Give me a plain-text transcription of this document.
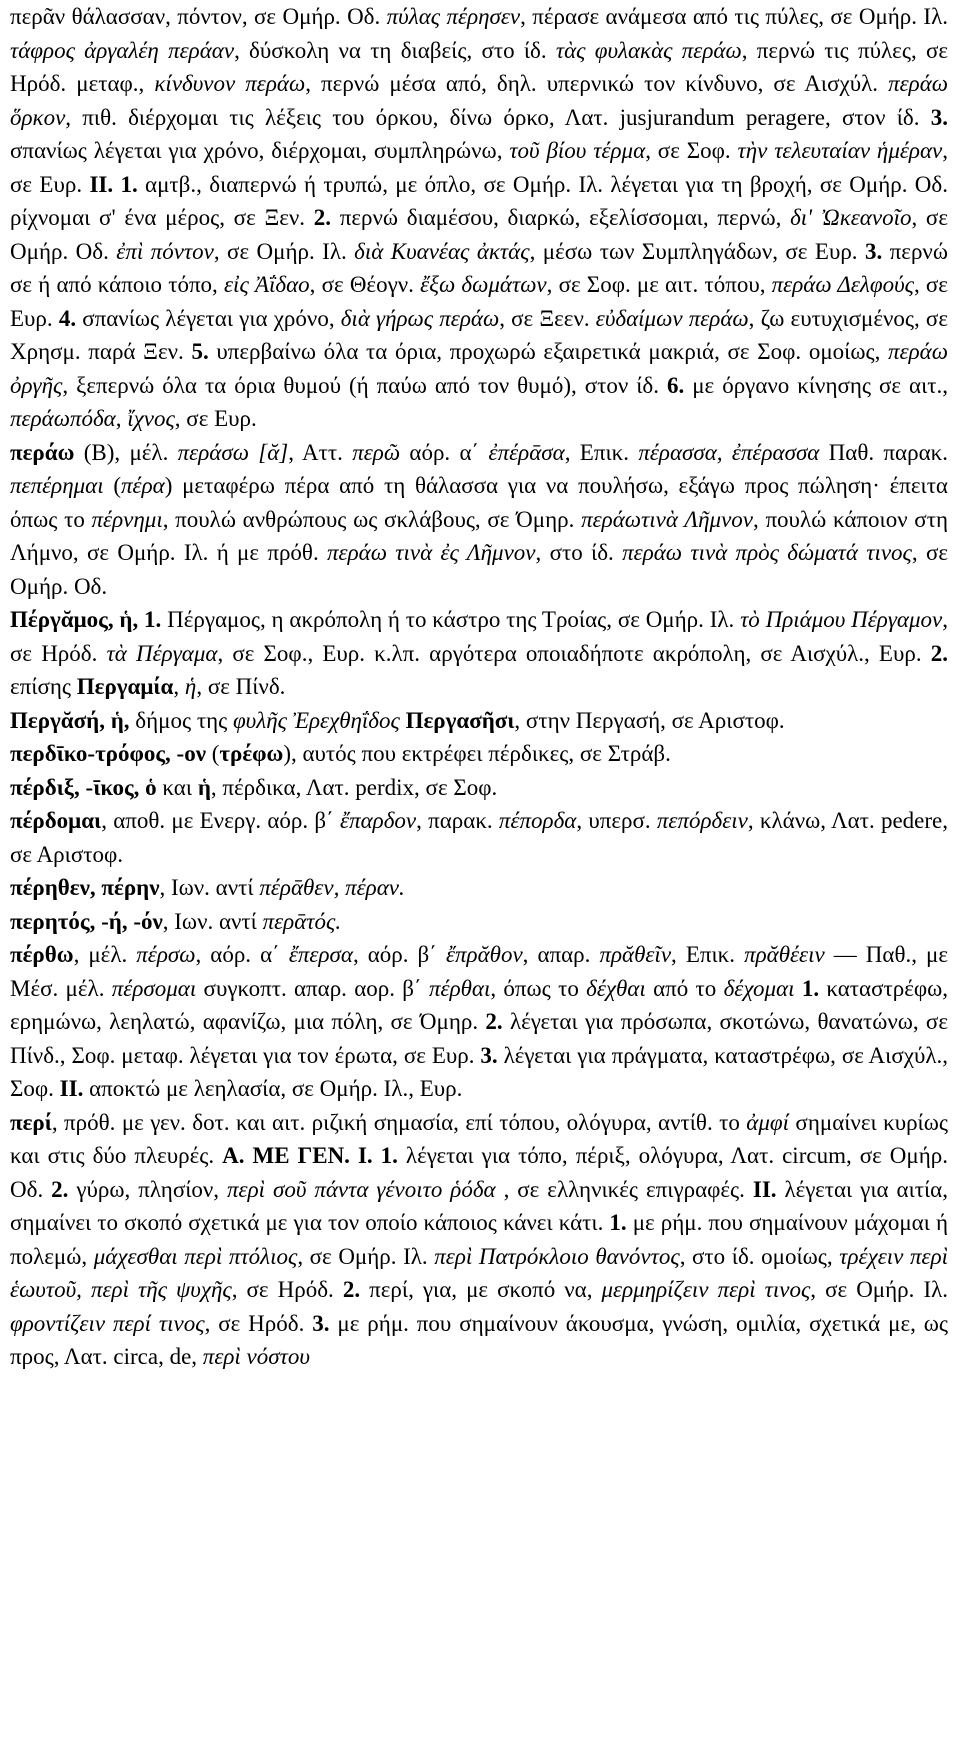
περᾶν θάλασσαν, πόντον, σε Ομήρ. Οδ. πύλας πέρησεν, πέρασε ανάμεσα από τις πύλες, σε Ομήρ. Ιλ. τάφρος ἀργαλέη περάαν, δύσκολη να τη διαβείς, στο ίδ. τὰς φυλακὰς περάω, περνώ τις πύλες, σε Ηρόδ. μεταφ., κίνδυνον περάω, περνώ μέσα από, δηλ. υπερνικώ τον κίνδυνο, σε Αισχύλ. περάω ὅρκον, πιθ. διέρχομαι τις λέξεις του όρκου, δίνω όρκο, Λατ. jusjurandum peragere, στον ίδ. 3. σπανίως λέγεται για χρόνο, διέρχομαι, συμπληρώνω, τοῦ βίου τέρμα, σε Σοφ. τὴν τελευταίαν ἡμέραν, σε Ευρ. II. 1. αμτβ., διαπερνώ ή τρυπώ, με όπλο, σε Ομήρ. Ιλ. λέγεται για τη βροχή, σε Ομήρ. Οδ. ρίχνομαι σ' ένα μέρος, σε Ξεν. 2. περνώ διαμέσου, διαρκώ, εξελίσσομαι, περνώ, δι' Ὠκεανοῖο, σε Ομήρ. Οδ. ἐπὶ πόντον, σε Ομήρ. Ιλ. διὰ Κυανέας ἀκτάς, μέσω των Συμπληγάδων, σε Ευρ. 3. περνώ σε ή από κάποιο τόπο, εἰς Ἀΐδαο, σε Θέογν. ἔξω δωμάτων, σε Σοφ. με αιτ. τόπου, περάω Δελφούς, σε Ευρ. 4. σπανίως λέγεται για χρόνο, διὰ γήρως περάω, σε Ξεεν. εὐδαίμων περάω, ζω ευτυχισμένος, σε Χρησμ. παρά Ξεν. 5. υπερβαίνω όλα τα όρια, προχωρώ εξαιρετικά μακριά, σε Σοφ. ομοίως, περάω ὀργῆς, ξεπερνώ όλα τα όρια θυμού (ή παύω από τον θυμό), στον ίδ. 6. με όργανο κίνησης σε αιτ., περάωπόδα, ἴχνος, σε Ευρ.

περάω (B), μέλ. περάσω [ᾰ], Αττ. περῶ αόρ. α΄ ἐπέρᾱσα, Επικ. πέρασσα, ἐπέρασσα Παθ. παρακ. πεπέρημαι (πέρα) μεταφέρω πέρα από τη θάλασσα για να πουλήσω, εξάγω προς πώληση· έπειτα όπως το πέρνημι, πουλώ ανθρώπους ως σκλάβους, σε Όμηρ. περάωτινὰ Λῆμνον, πουλώ κάποιον στη Λήμνο, σε Ομήρ. Ιλ. ή με πρόθ. περάω τινὰ ἐς Λῆμνον, στο ίδ. περάω τινὰ πρὸς δώματά τινος, σε Ομήρ. Οδ.

Πέργᾰμος, ἡ, 1. Πέργαμος, η ακρόπολη ή το κάστρο της Τροίας, σε Ομήρ. Ιλ. τὸ Πριάμου Πέργαμον, σε Ηρόδ. τὰ Πέργαμα, σε Σοφ., Ευρ. κ.λπ. αργότερα οποιαδήποτε ακρόπολη, σε Αισχύλ., Ευρ. 2. επίσης Περγαμία, ἡ, σε Πίνδ.

Περγᾰσή, ἡ, δήμος της φυλῆς Ἐρεχθηΐδος Περγασῆσι, στην Περγασή, σε Αριστοφ.

περδῑκο-τρόφος, -ον (τρέφω), αυτός που εκτρέφει πέρδικες, σε Στράβ.

πέρδιξ, -ῑκος, ὁ και ἡ, πέρδικα, Λατ. perdix, σε Σοφ.

πέρδομαι, αποθ. με Ενεργ. αόρ. β΄ ἔπαρδον, παρακ. πέπορδα, υπερσ. πεπόρδειν, κλάνω, Λατ. pedere, σε Αριστοφ.

πέρηθεν, πέρην, Ιων. αντί πέρᾱθεν, πέραν.

περητός, -ή, -όν, Ιων. αντί περᾱτός.

πέρθω, μέλ. πέρσω, αόρ. α΄ ἔπερσα, αόρ. β΄ ἔπρᾰθον, απαρ. πρᾰθεῖν, Επικ. πρᾰθέειν — Παθ., με Μέσ. μέλ. πέρσομαι συγκοπτ. απαρ. αορ. β΄ πέρθαι, όπως το δέχθαι από το δέχομαι 1. καταστρέφω, ερημώνω, λεηλατώ, αφανίζω, μια πόλη, σε Όμηρ. 2. λέγεται για πρόσωπα, σκοτώνω, θανατώνω, σε Πίνδ., Σοφ. μεταφ. λέγεται για τον έρωτα, σε Ευρ. 3. λέγεται για πράγματα, καταστρέφω, σε Αισχύλ., Σοφ. II. αποκτώ με λεηλασία, σε Ομήρ. Ιλ., Ευρ.

περί, πρόθ. με γεν. δοτ. και αιτ. ριζική σημασία, επί τόπου, ολόγυρα, αντίθ. το ἀμφί σημαίνει κυρίως και στις δύο πλευρές. Α. ΜΕ ΓΕΝ. I. 1. λέγεται για τόπο, πέριξ, ολόγυρα, Λατ. circum, σε Ομήρ. Οδ. 2. γύρω, πλησίον, περὶ σοῦ πάντα γένοιτο ῥόδα , σε ελληνικές επιγραφές. II. λέγεται για αιτία, σημαίνει το σκοπό σχετικά με για τον οποίο κάποιος κάνει κάτι. 1. με ρήμ. που σημαίνουν μάχομαι ή πολεμώ, μάχεσθαι περὶ πτόλιος, σε Ομήρ. Ιλ. περὶ Πατρόκλοιο θανόντος, στο ίδ. ομοίως, τρέχειν περὶ ἑωυτοῦ, περὶ τῆς ψυχῆς, σε Ηρόδ. 2. περί, για, με σκοπό να, μερμηρίζειν περὶ τινος, σε Ομήρ. Ιλ. φροντίζειν περί τινος, σε Ηρόδ. 3. με ρήμ. που σημαίνουν άκουσμα, γνώση, ομιλία, σχετικά με, ως προς, Λατ. circa, de, περὶ νόστου
